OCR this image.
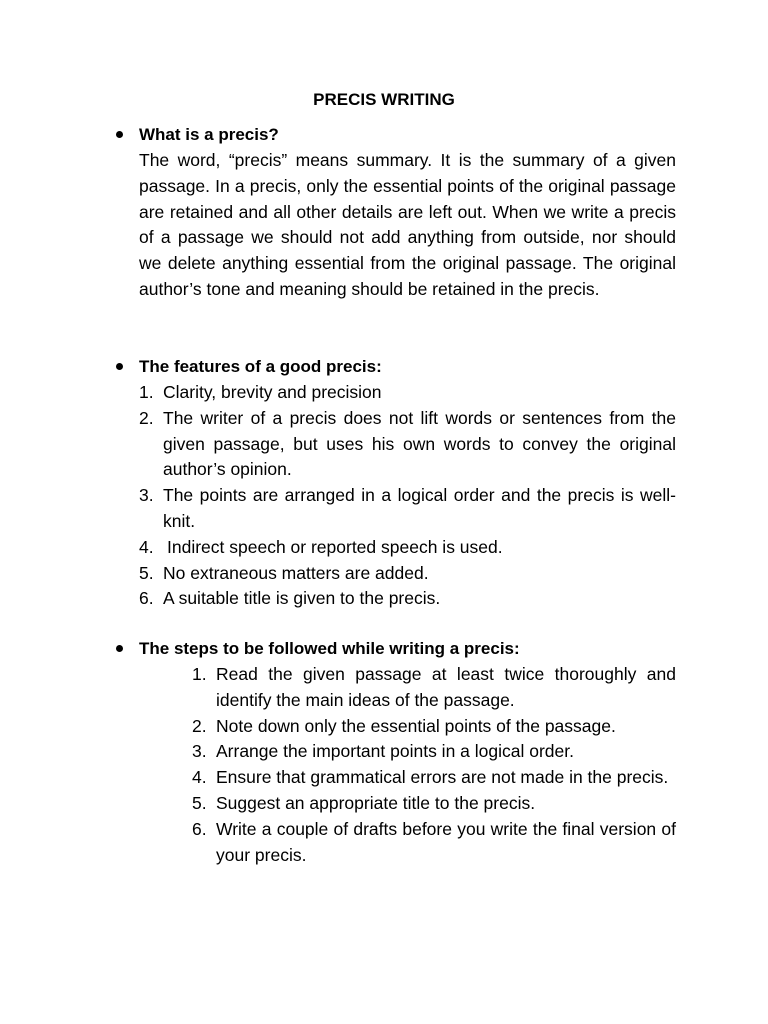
PRECIS WRITING
What is a precis?
The word, “precis” means summary. It is the summary of a given passage. In a precis, only the essential points of the original passage are retained and all other details are left out. When we write a precis of a passage we should not add anything from outside, nor should we delete anything essential from the original passage. The original author’s tone and meaning should be retained in the precis.
The features of a good precis:
1. Clarity, brevity and precision
2. The writer of a precis does not lift words or sentences from the given passage, but uses his own words to convey the original author’s opinion.
3. The points are arranged in a logical order and the precis is well-knit.
4. Indirect speech or reported speech is used.
5. No extraneous matters are added.
6. A suitable title is given to the precis.
The steps to be followed while writing a precis:
1. Read the given passage at least twice thoroughly and identify the main ideas of the passage.
2. Note down only the essential points of the passage.
3. Arrange the important points in a logical order.
4. Ensure that grammatical errors are not made in the precis.
5. Suggest an appropriate title to the precis.
6. Write a couple of drafts before you write the final version of your precis.
